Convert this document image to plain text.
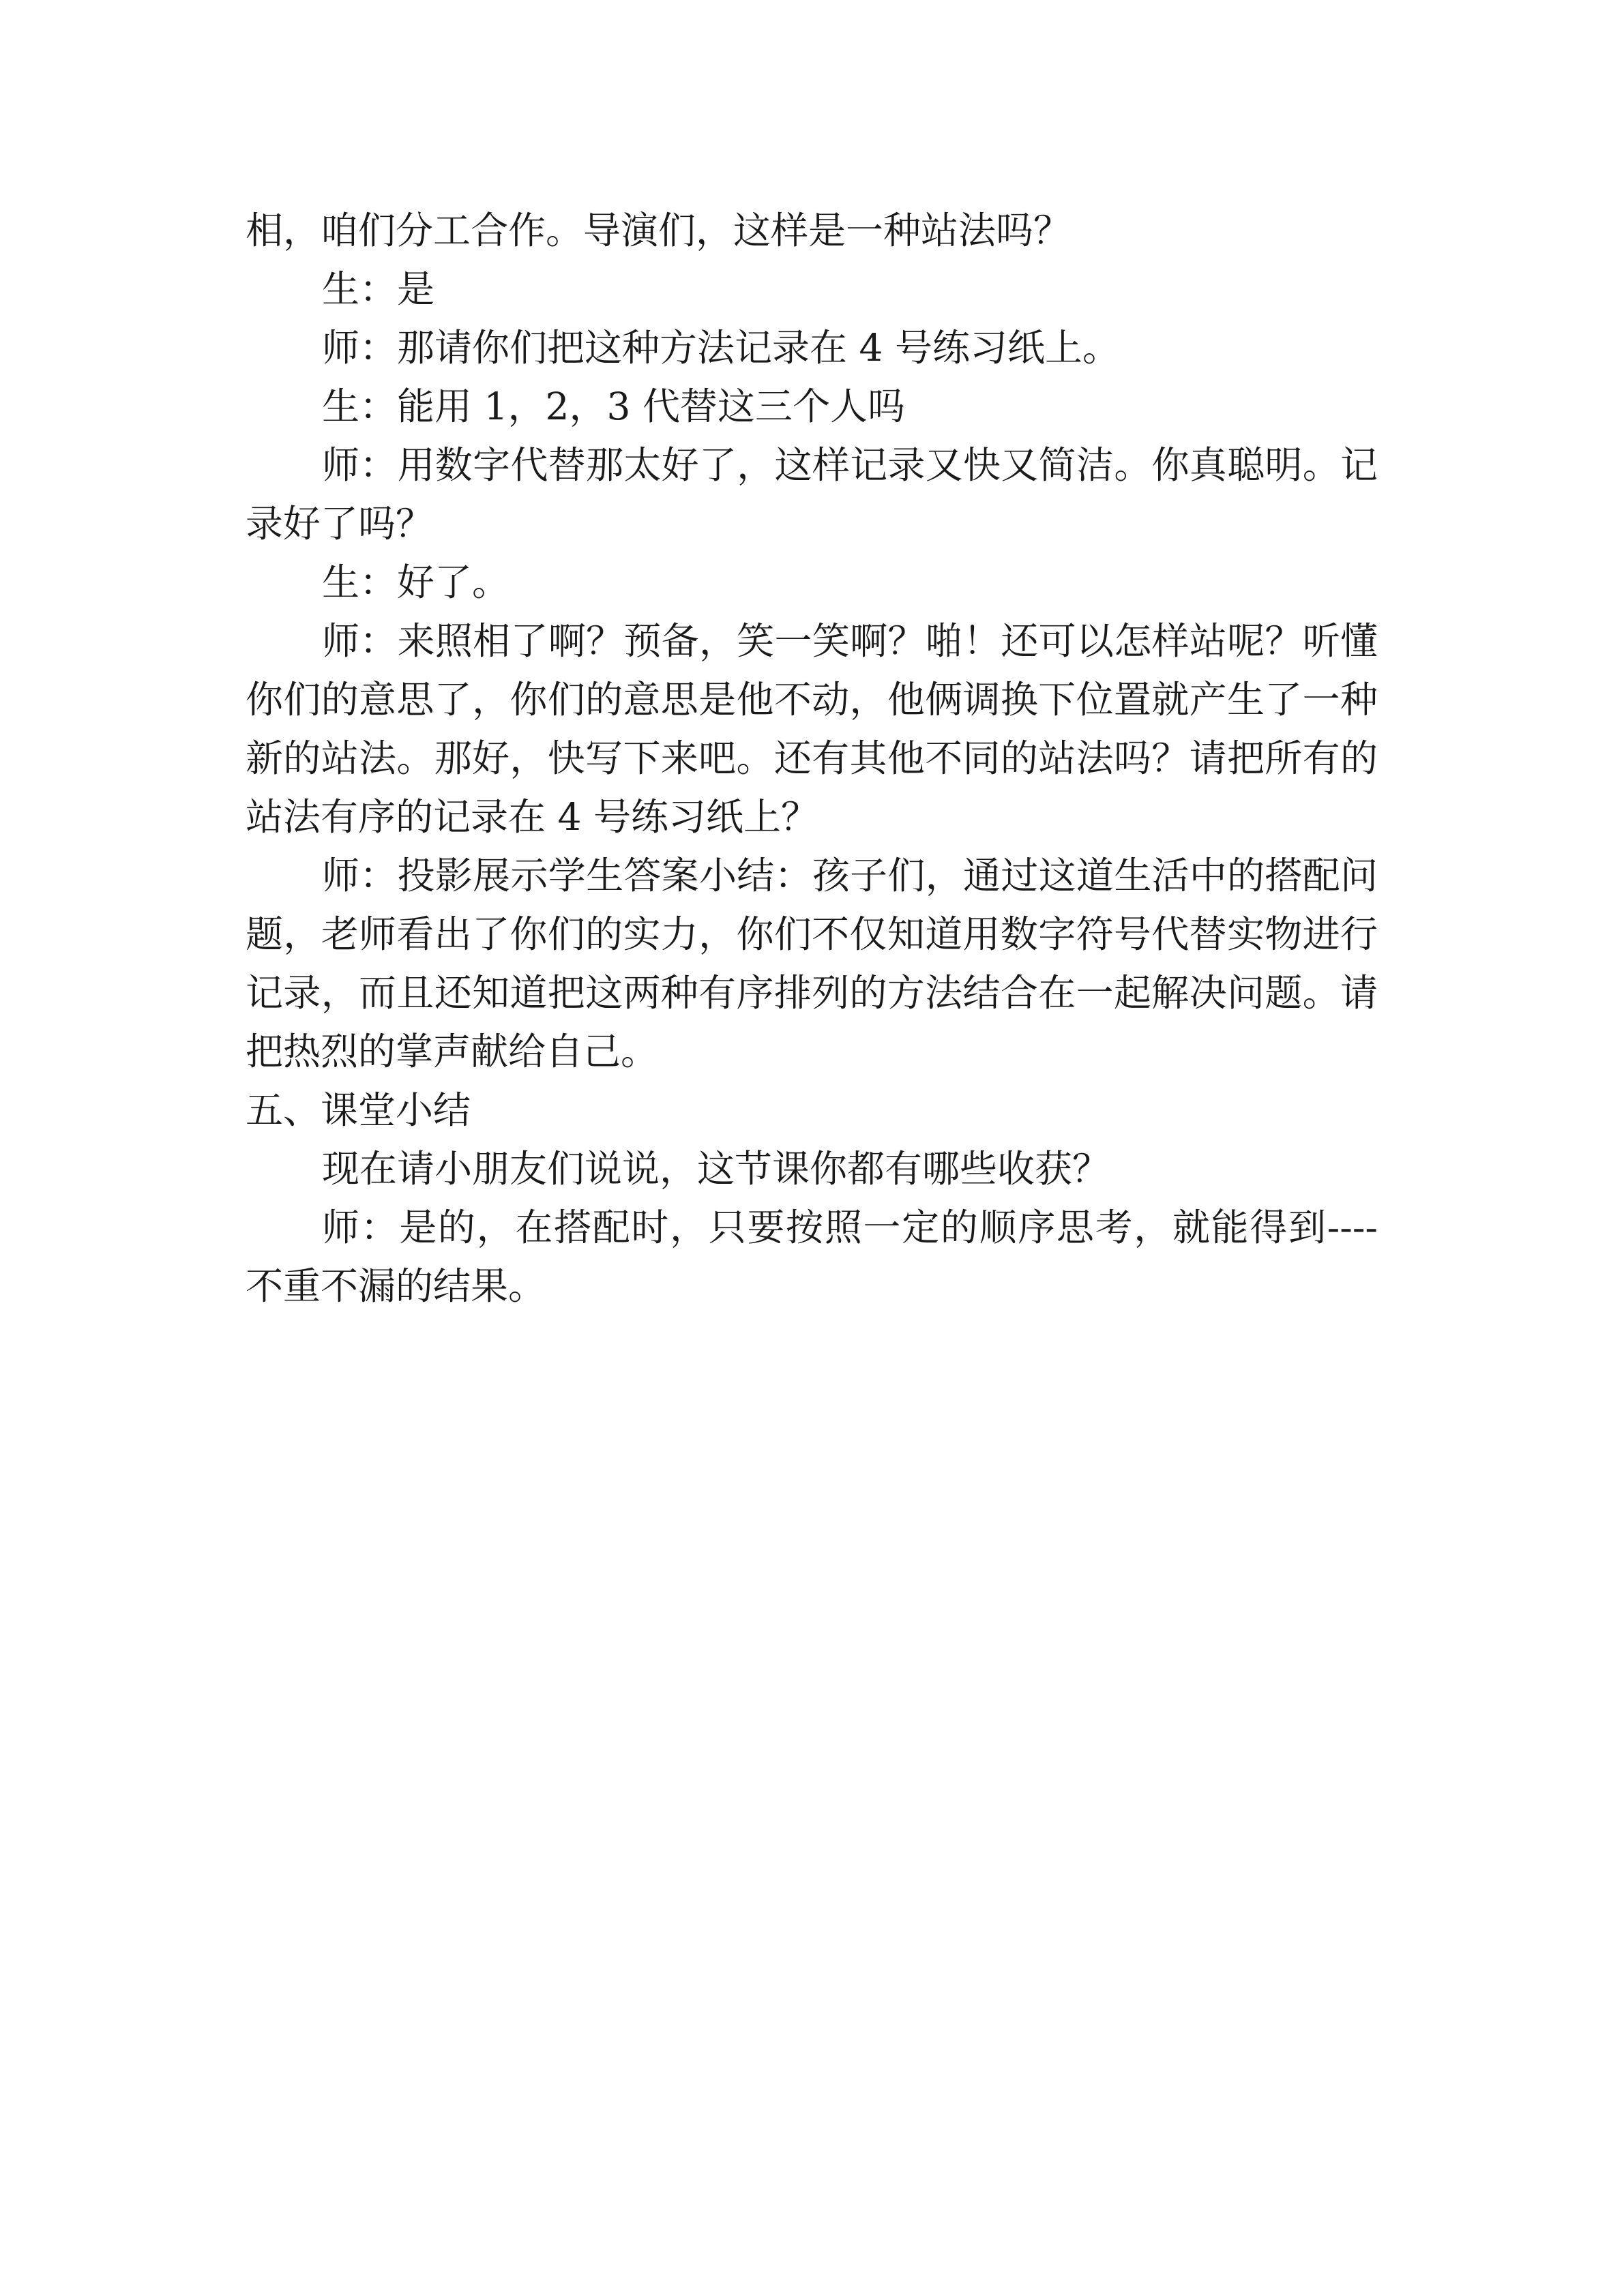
相，咱们分工合作。导演们，这样是一种站法吗？

生：是

师：那请你们把这种方法记录在 4 号练习纸上。

生：能用 1，2，3 代替这三个人吗

师：用数字代替那太好了，这样记录又快又简洁。你真聪明。记录好了吗？

生：好了。

师：来照相了啊？预备，笑一笑啊？啪！还可以怎样站呢？听懂你们的意思了，你们的意思是他不动，他俩调换下位置就产生了一种新的站法。那好，快写下来吧。还有其他不同的站法吗？请把所有的站法有序的记录在 4 号练习纸上？

师：投影展示学生答案小结：孩子们，通过这道生活中的搭配问题，老师看出了你们的实力，你们不仅知道用数字符号代替实物进行记录，而且还知道把这两种有序排列的方法结合在一起解决问题。请把热烈的掌声献给自己。

五、课堂小结

现在请小朋友们说说，这节课你都有哪些收获？

师：是的，在搭配时，只要按照一定的顺序思考，就能得到----不重不漏的结果。
